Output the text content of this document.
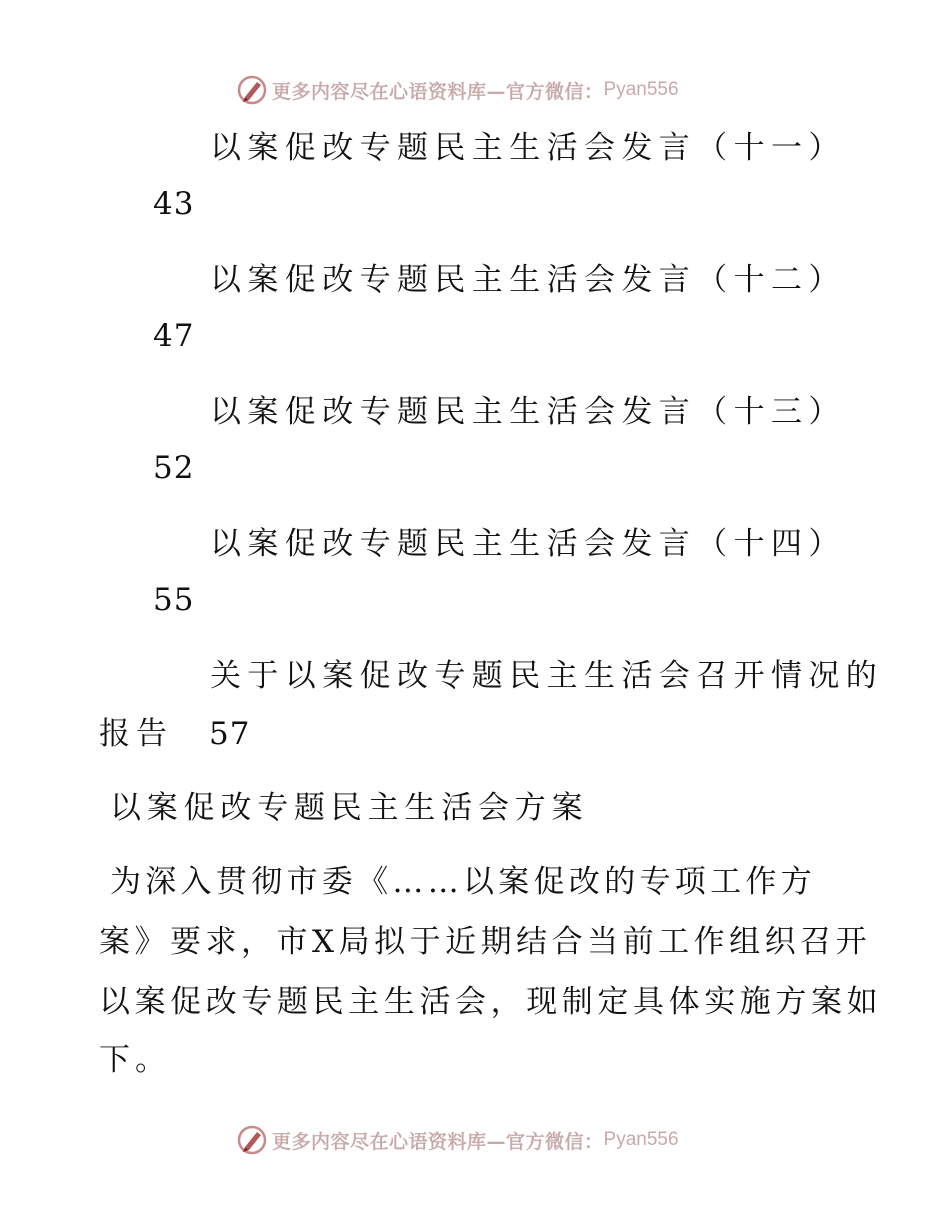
更多内容尽在心语资料库—官方微信： Pyan556
以案促改专题民主生活会发言（十一）
43
以案促改专题民主生活会发言（十二）
47
以案促改专题民主生活会发言（十三）
52
以案促改专题民主生活会发言（十四）
55
关于以案促改专题民主生活会召开情况的
报告 57
以案促改专题民主生活会方案
为深入贯彻市委《……以案促改的专项工作方
案》要求，市X局拟于近期结合当前工作组织召开
以案促改专题民主生活会，现制定具体实施方案如
下。
更多内容尽在心语资料库—官方微信： Pyan556
